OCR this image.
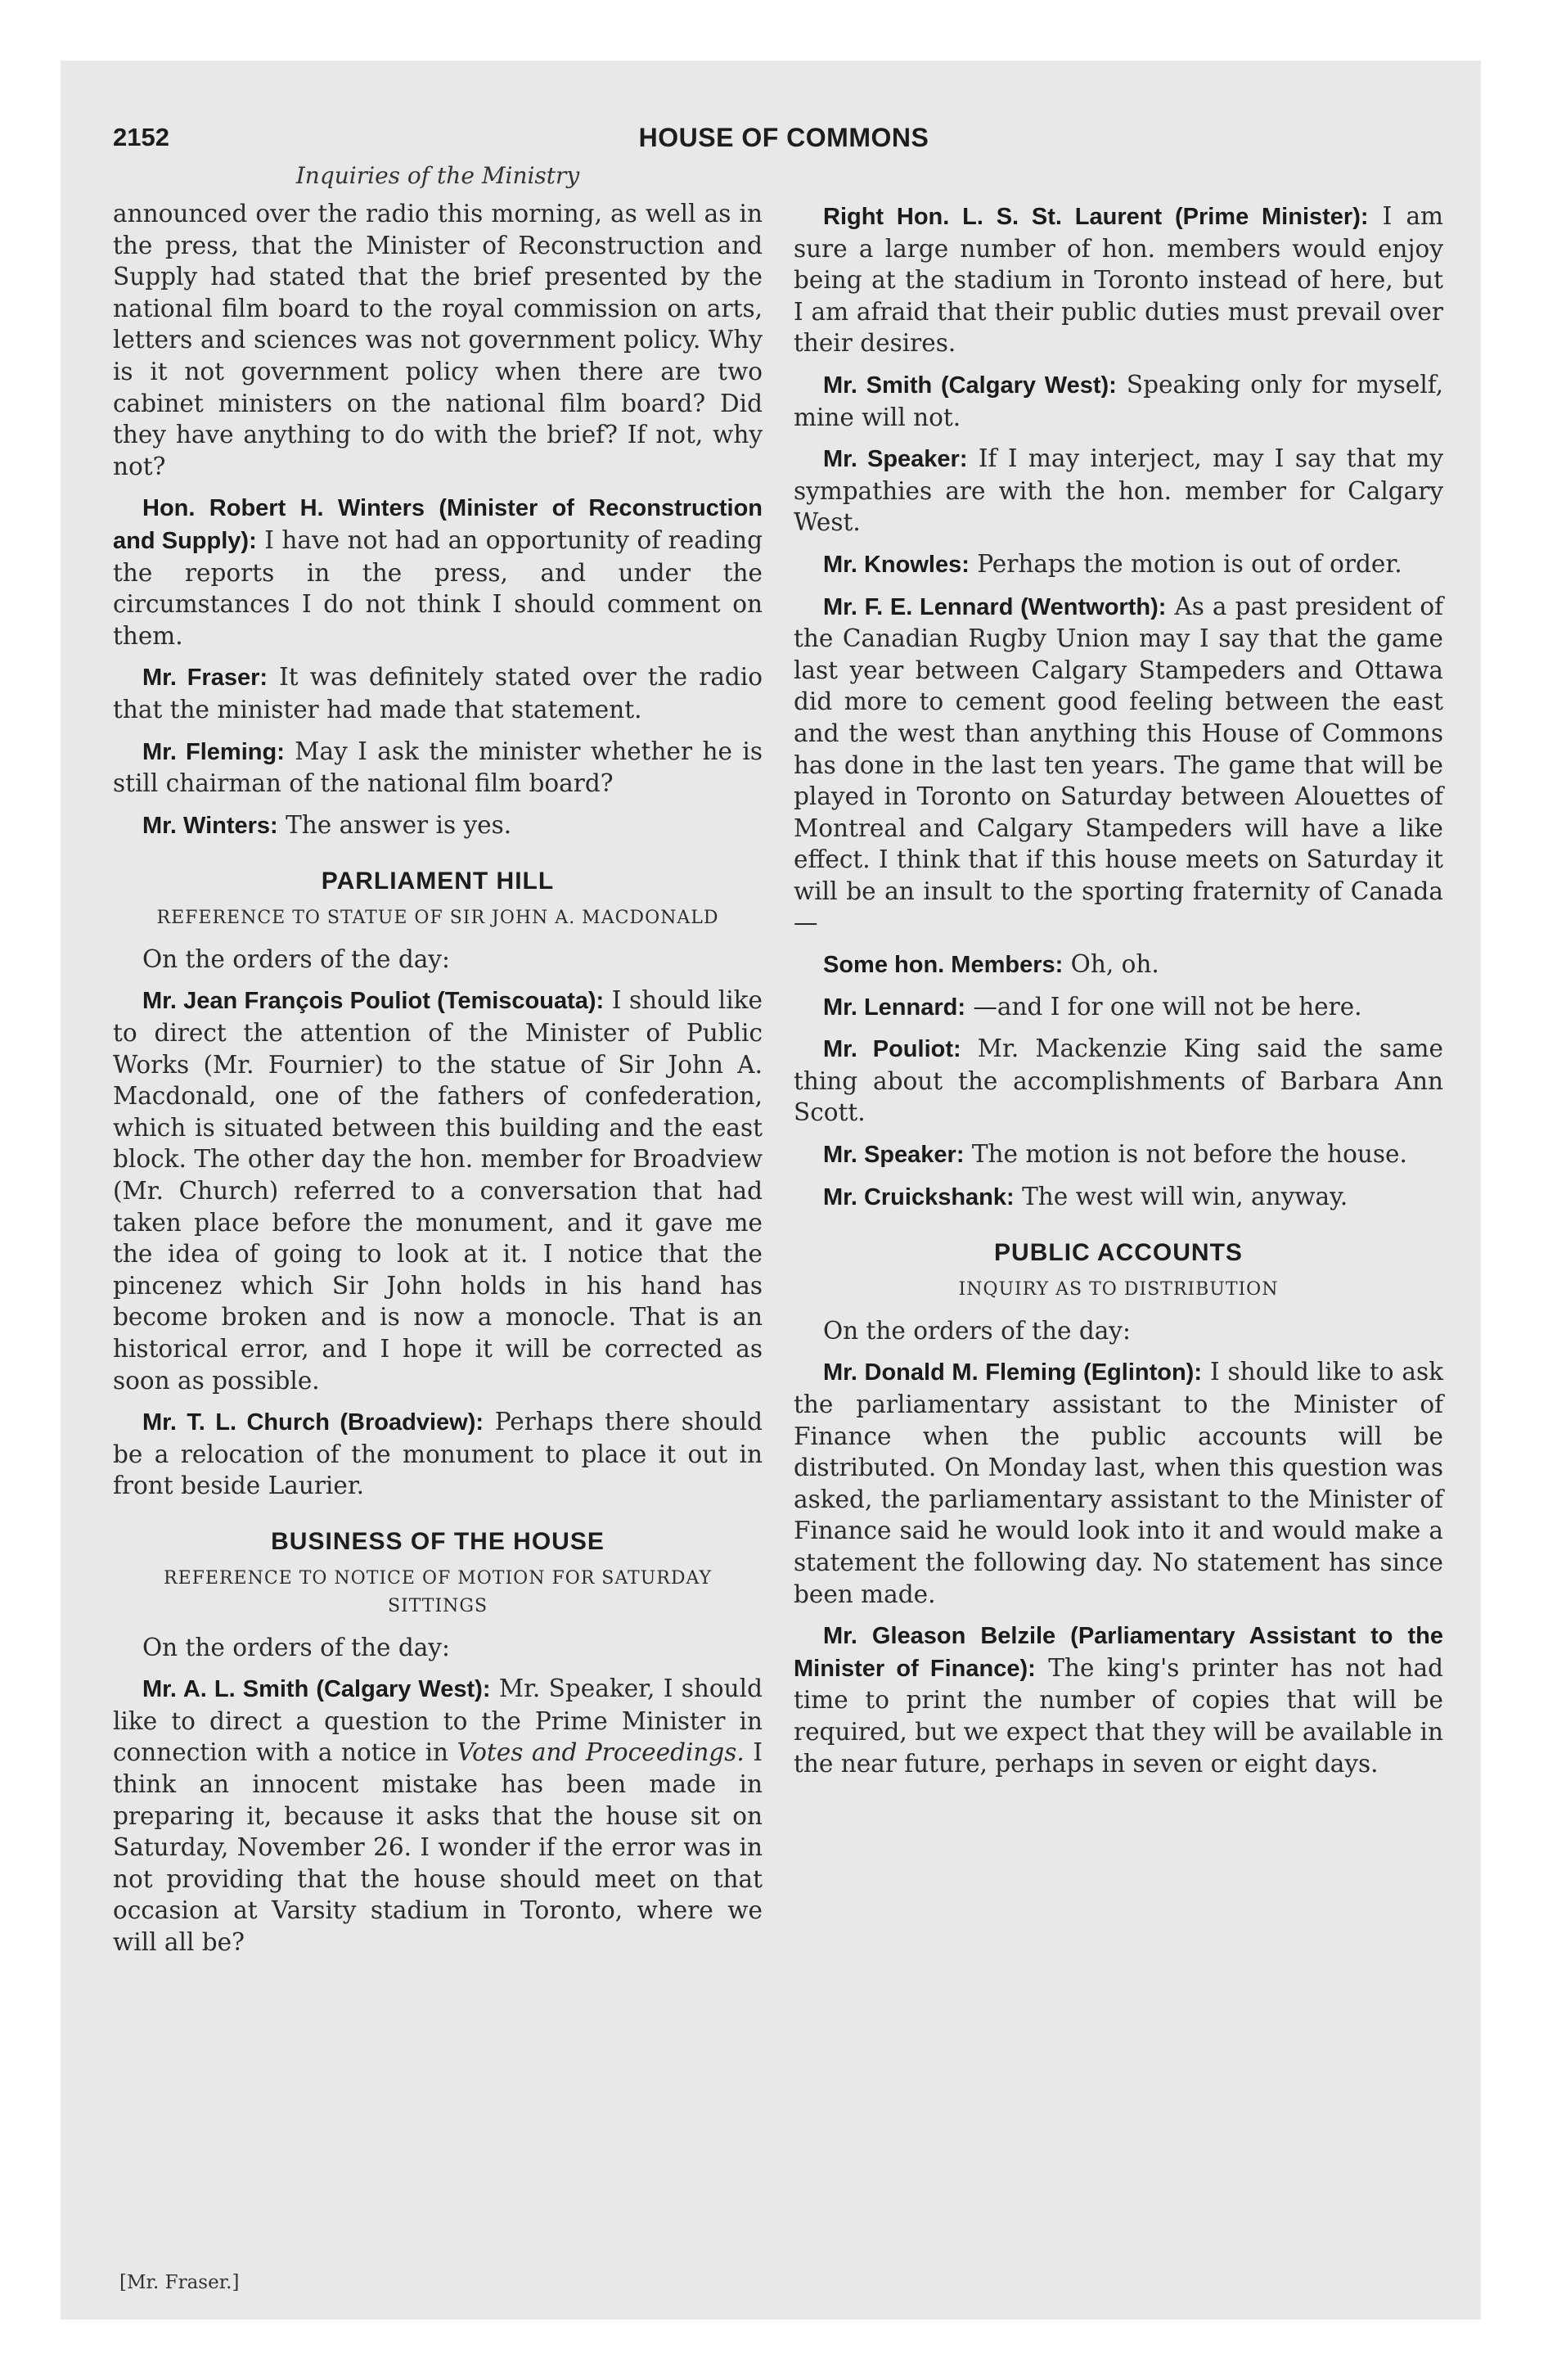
2152	HOUSE OF COMMONS
Inquiries of the Ministry

announced over the radio this morning, as well as in the press, that the Minister of Reconstruction and Supply had stated that the brief presented by the national film board to the royal commission on arts, letters and sciences was not government policy. Why is it not government policy when there are two cabinet ministers on the national film board? Did they have anything to do with the brief? If not, why not?

Hon. Robert H. Winters (Minister of Reconstruction and Supply): I have not had an opportunity of reading the reports in the press, and under the circumstances I do not think I should comment on them.

Mr. Fraser: It was definitely stated over the radio that the minister had made that statement.

Mr. Fleming: May I ask the minister whether he is still chairman of the national film board?

Mr. Winters: The answer is yes.

PARLIAMENT HILL
REFERENCE TO STATUE OF SIR JOHN A. MACDONALD

On the orders of the day:

Mr. Jean François Pouliot (Temiscouata): I should like to direct the attention of the Minister of Public Works (Mr. Fournier) to the statue of Sir John A. Macdonald, one of the fathers of confederation, which is situated between this building and the east block. The other day the hon. member for Broadview (Mr. Church) referred to a conversation that had taken place before the monument, and it gave me the idea of going to look at it. I notice that the pincenez which Sir John holds in his hand has become broken and is now a monocle. That is an historical error, and I hope it will be corrected as soon as possible.

Mr. T. L. Church (Broadview): Perhaps there should be a relocation of the monument to place it out in front beside Laurier.

BUSINESS OF THE HOUSE
REFERENCE TO NOTICE OF MOTION FOR SATURDAY SITTINGS

On the orders of the day:

Mr. A. L. Smith (Calgary West): Mr. Speaker, I should like to direct a question to the Prime Minister in connection with a notice in Votes and Proceedings. I think an innocent mistake has been made in preparing it, because it asks that the house sit on Saturday, November 26. I wonder if the error was in not providing that the house should meet on that occasion at Varsity stadium in Toronto, where we will all be?

[Mr. Fraser.]

Right Hon. L. S. St. Laurent (Prime Minister): I am sure a large number of hon. members would enjoy being at the stadium in Toronto instead of here, but I am afraid that their public duties must prevail over their desires.

Mr. Smith (Calgary West): Speaking only for myself, mine will not.

Mr. Speaker: If I may interject, may I say that my sympathies are with the hon. member for Calgary West.

Mr. Knowles: Perhaps the motion is out of order.

Mr. F. E. Lennard (Wentworth): As a past president of the Canadian Rugby Union may I say that the game last year between Calgary Stampeders and Ottawa did more to cement good feeling between the east and the west than anything this House of Commons has done in the last ten years. The game that will be played in Toronto on Saturday between Alouettes of Montreal and Calgary Stampeders will have a like effect. I think that if this house meets on Saturday it will be an insult to the sporting fraternity of Canada—

Some hon. Members: Oh, oh.

Mr. Lennard: —and I for one will not be here.

Mr. Pouliot: Mr. Mackenzie King said the same thing about the accomplishments of Barbara Ann Scott.

Mr. Speaker: The motion is not before the house.

Mr. Cruickshank: The west will win, anyway.

PUBLIC ACCOUNTS
INQUIRY AS TO DISTRIBUTION

On the orders of the day:

Mr. Donald M. Fleming (Eglinton): I should like to ask the parliamentary assistant to the Minister of Finance when the public accounts will be distributed. On Monday last, when this question was asked, the parliamentary assistant to the Minister of Finance said he would look into it and would make a statement the following day. No statement has since been made.

Mr. Gleason Belzile (Parliamentary Assistant to the Minister of Finance): The king's printer has not had time to print the number of copies that will be required, but we expect that they will be available in the near future, perhaps in seven or eight days.
